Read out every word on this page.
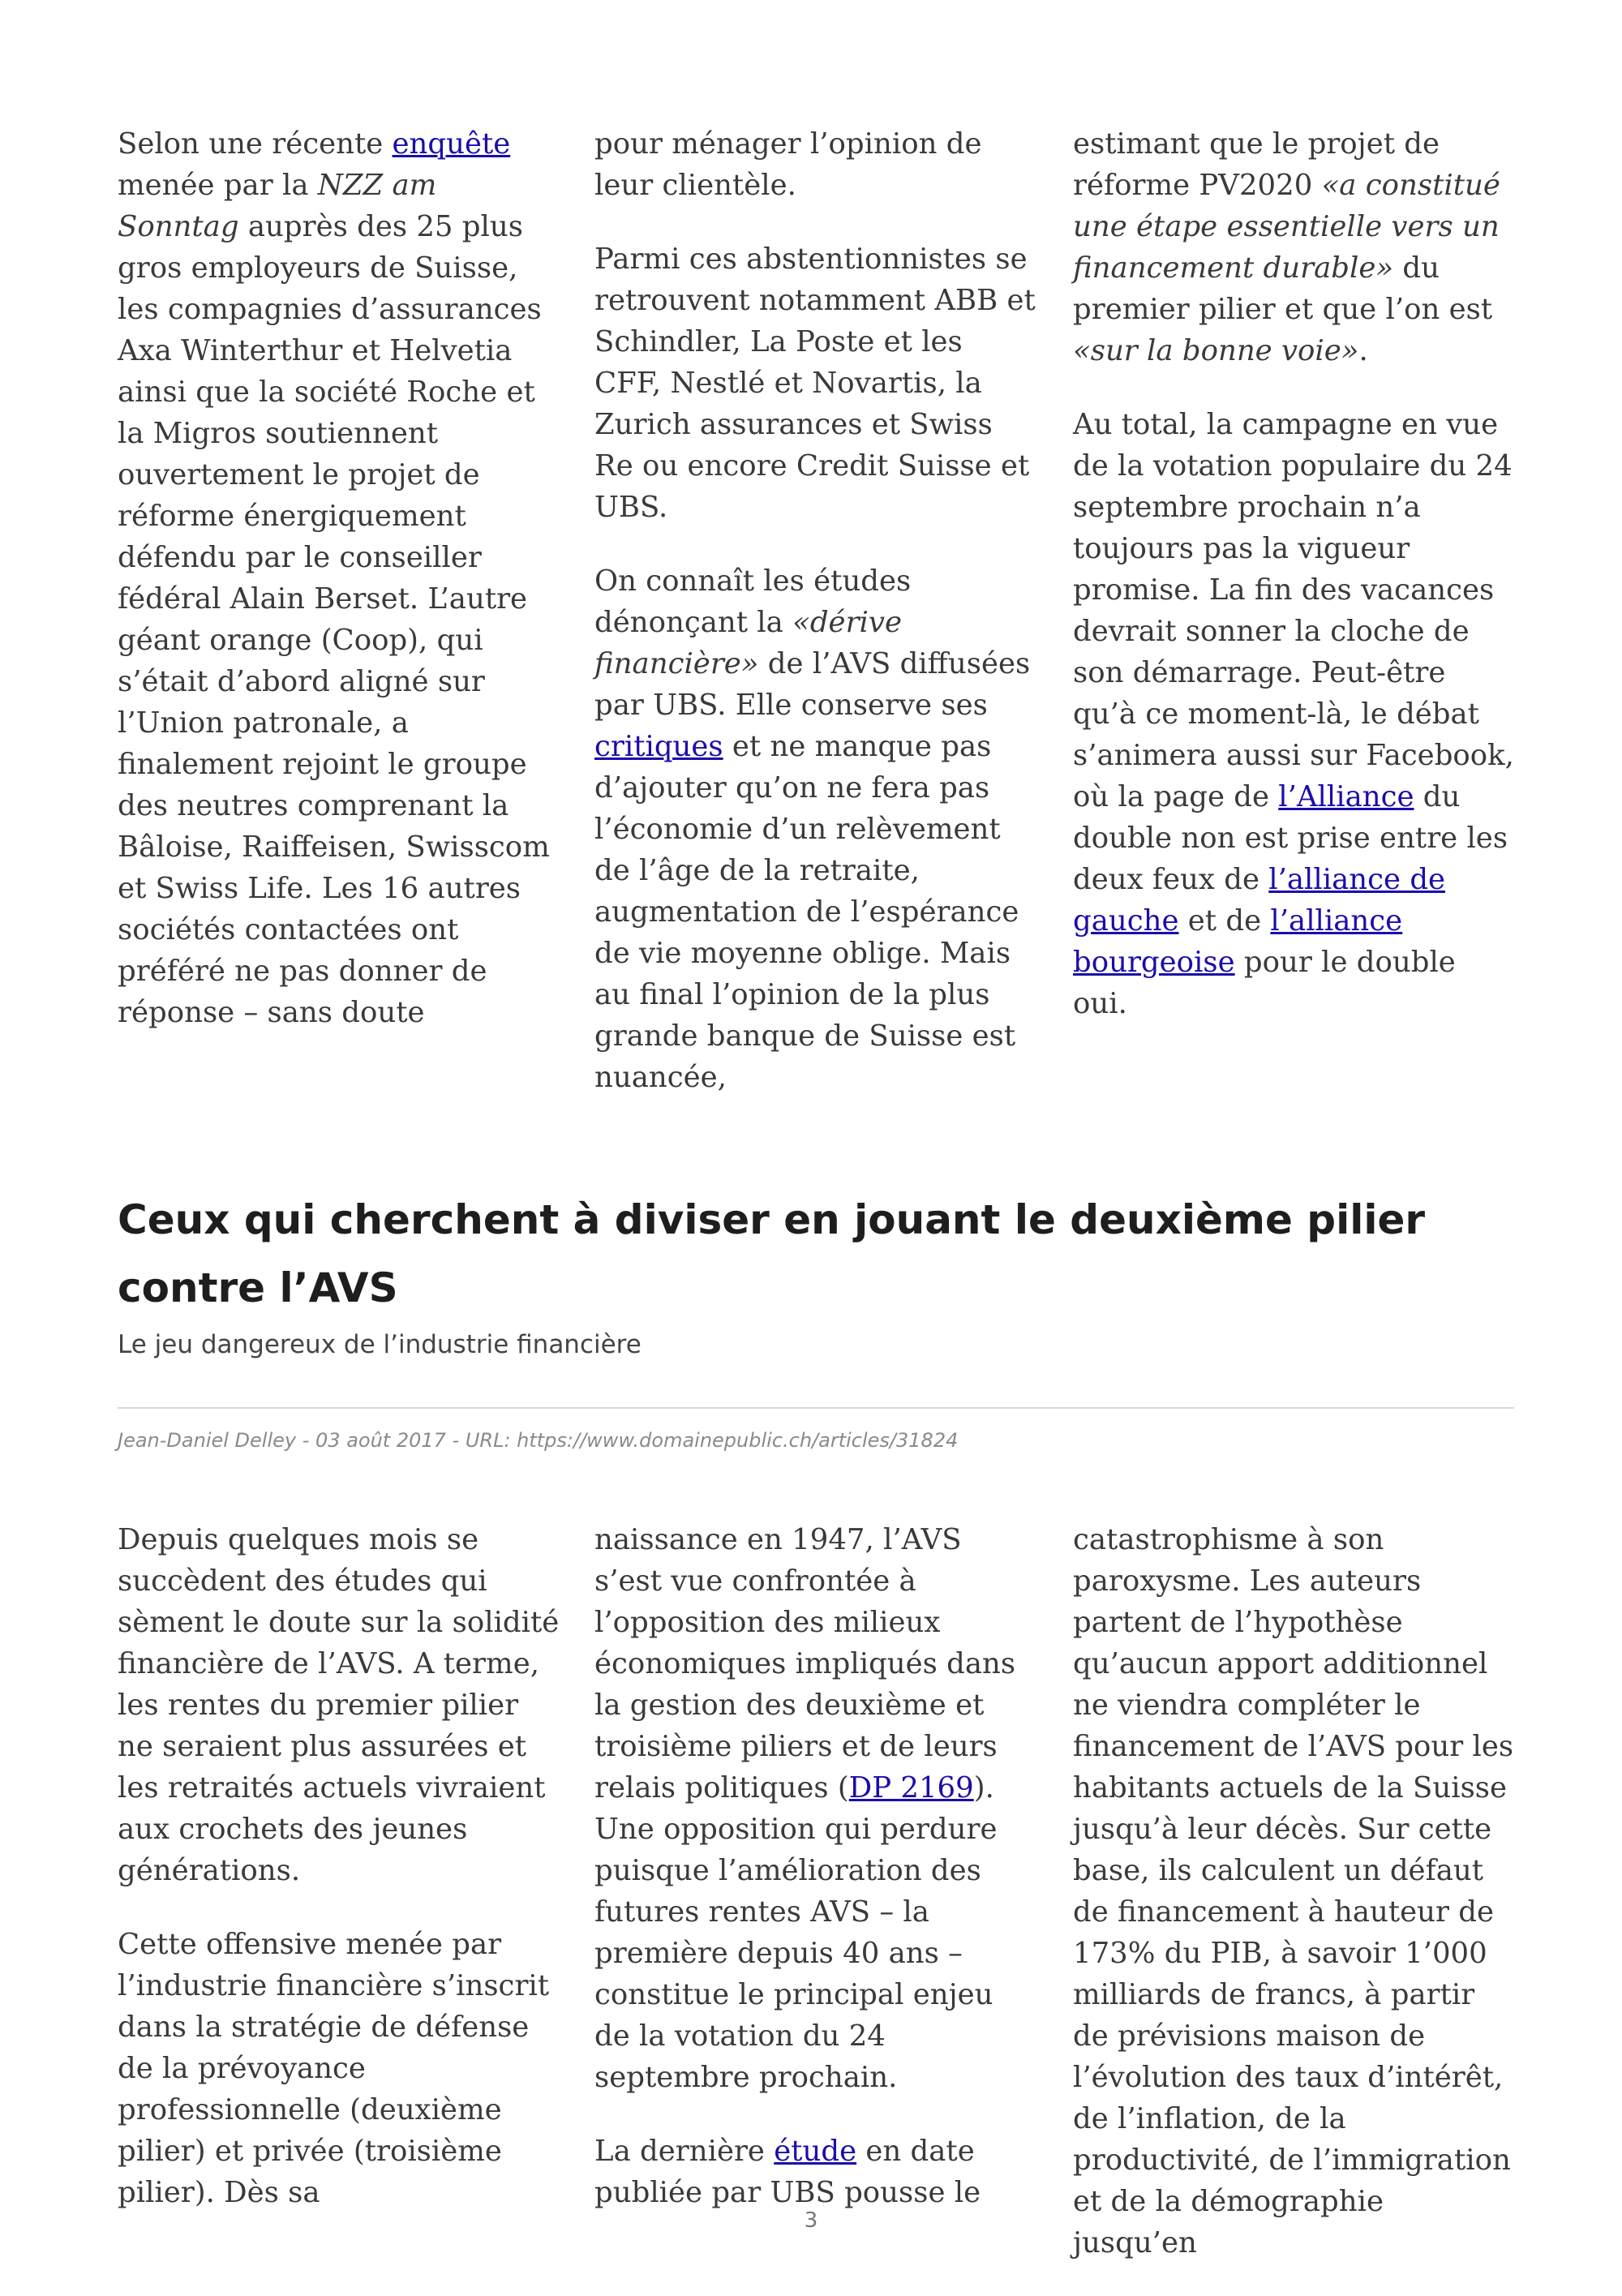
Selon une récente enquête menée par la NZZ am Sonntag auprès des 25 plus gros employeurs de Suisse, les compagnies d’assurances Axa Winterthur et Helvetia ainsi que la société Roche et la Migros soutiennent ouvertement le projet de réforme énergiquement défendu par le conseiller fédéral Alain Berset. L’autre géant orange (Coop), qui s’était d’abord aligné sur l’Union patronale, a finalement rejoint le groupe des neutres comprenant la Bâloise, Raiffeisen, Swisscom et Swiss Life. Les 16 autres sociétés contactées ont préféré ne pas donner de réponse – sans doute

pour ménager l’opinion de leur clientèle.

Parmi ces abstentionnistes se retrouvent notamment ABB et Schindler, La Poste et les CFF, Nestlé et Novartis, la Zurich assurances et Swiss Re ou encore Credit Suisse et UBS.

On connaît les études dénonçant la «dérive financière» de l’AVS diffusées par UBS. Elle conserve ses critiques et ne manque pas d’ajouter qu’on ne fera pas l’économie d’un relèvement de l’âge de la retraite, augmentation de l’espérance de vie moyenne oblige. Mais au final l’opinion de la plus grande banque de Suisse est nuancée,

estimant que le projet de réforme PV2020 «a constitué une étape essentielle vers un financement durable» du premier pilier et que l’on est «sur la bonne voie».

Au total, la campagne en vue de la votation populaire du 24 septembre prochain n’a toujours pas la vigueur promise. La fin des vacances devrait sonner la cloche de son démarrage. Peut-être qu’à ce moment-là, le débat s’animera aussi sur Facebook, où la page de l’Alliance du double non est prise entre les deux feux de l’alliance de gauche et de l’alliance bourgeoise pour le double oui.

Ceux qui cherchent à diviser en jouant le deuxième pilier contre l’AVS

Le jeu dangereux de l’industrie financière

Jean-Daniel Delley - 03 août 2017 - URL: https://www.domainepublic.ch/articles/31824

Depuis quelques mois se succèdent des études qui sèment le doute sur la solidité financière de l’AVS. A terme, les rentes du premier pilier ne seraient plus assurées et les retraités actuels vivraient aux crochets des jeunes générations.

Cette offensive menée par l’industrie financière s’inscrit dans la stratégie de défense de la prévoyance professionnelle (deuxième pilier) et privée (troisième pilier). Dès sa

naissance en 1947, l’AVS s’est vue confrontée à l’opposition des milieux économiques impliqués dans la gestion des deuxième et troisième piliers et de leurs relais politiques (DP 2169). Une opposition qui perdure puisque l’amélioration des futures rentes AVS – la première depuis 40 ans – constitue le principal enjeu de la votation du 24 septembre prochain.

La dernière étude en date publiée par UBS pousse le

catastrophisme à son paroxysme. Les auteurs partent de l’hypothèse qu’aucun apport additionnel ne viendra compléter le financement de l’AVS pour les habitants actuels de la Suisse jusqu’à leur décès. Sur cette base, ils calculent un défaut de financement à hauteur de 173% du PIB, à savoir 1’000 milliards de francs, à partir de prévisions maison de l’évolution des taux d’intérêt, de l’inflation, de la productivité, de l’immigration et de la démographie jusqu’en

3
